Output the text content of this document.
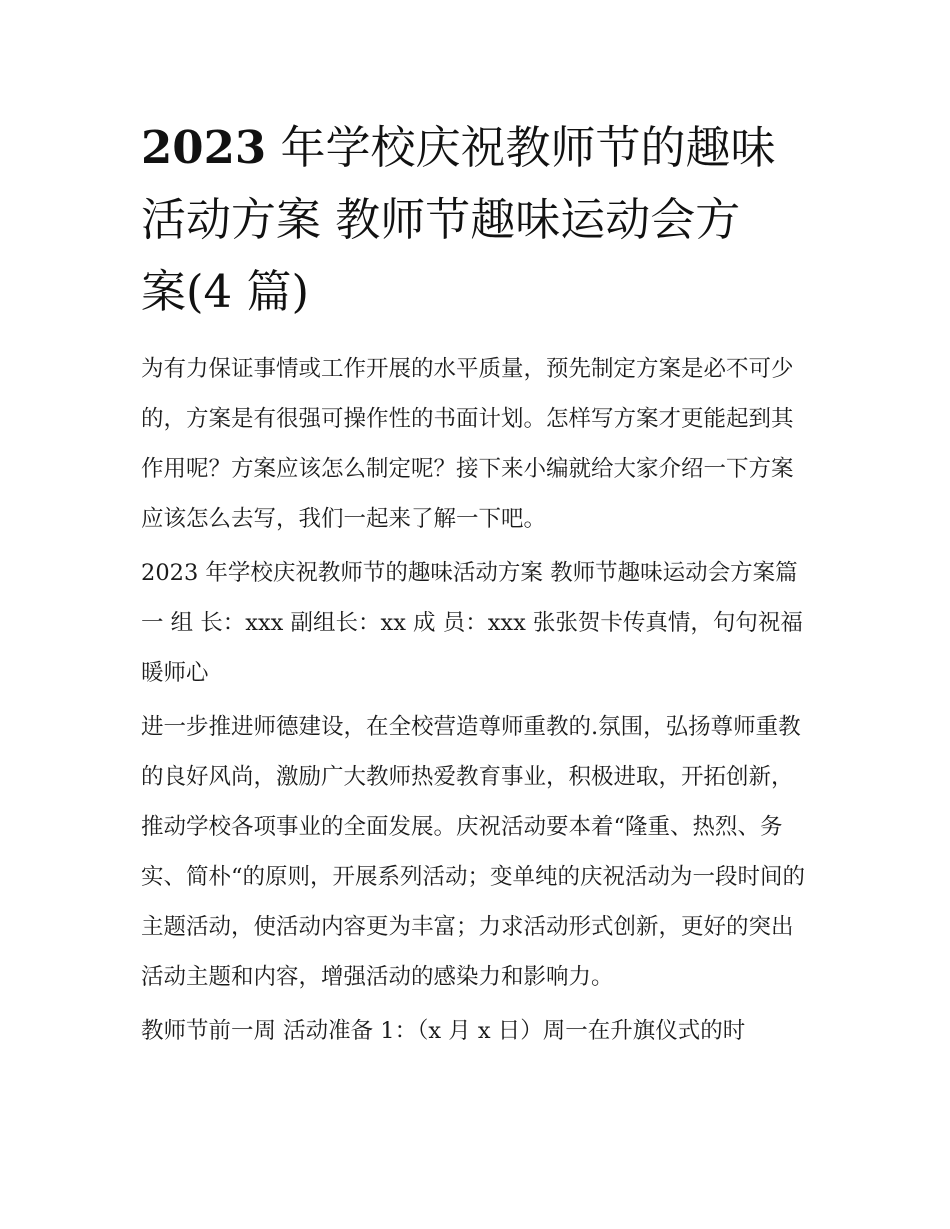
2023 年学校庆祝教师节的趣味
活动方案 教师节趣味运动会方
案(4 篇)

为有力保证事情或工作开展的水平质量，预先制定方案是必不可少的，方案是有很强可操作性的书面计划。怎样写方案才更能起到其作用呢？方案应该怎么制定呢？接下来小编就给大家介绍一下方案应该怎么去写，我们一起来了解一下吧。

2023 年学校庆祝教师节的趣味活动方案 教师节趣味运动会方案篇一 组 长：xxx 副组长：xx 成 员：xxx 张张贺卡传真情，句句祝福暖师心

进一步推进师德建设，在全校营造尊师重教的.氛围，弘扬尊师重教的良好风尚，激励广大教师热爱教育事业，积极进取，开拓创新，推动学校各项事业的全面发展。庆祝活动要本着“隆重、热烈、务实、简朴“的原则，开展系列活动；变单纯的庆祝活动为一段时间的主题活动，使活动内容更为丰富；力求活动形式创新，更好的突出活动主题和内容，增强活动的感染力和影响力。

教师节前一周 活动准备 1：（x 月 x 日）周一在升旗仪式的时
